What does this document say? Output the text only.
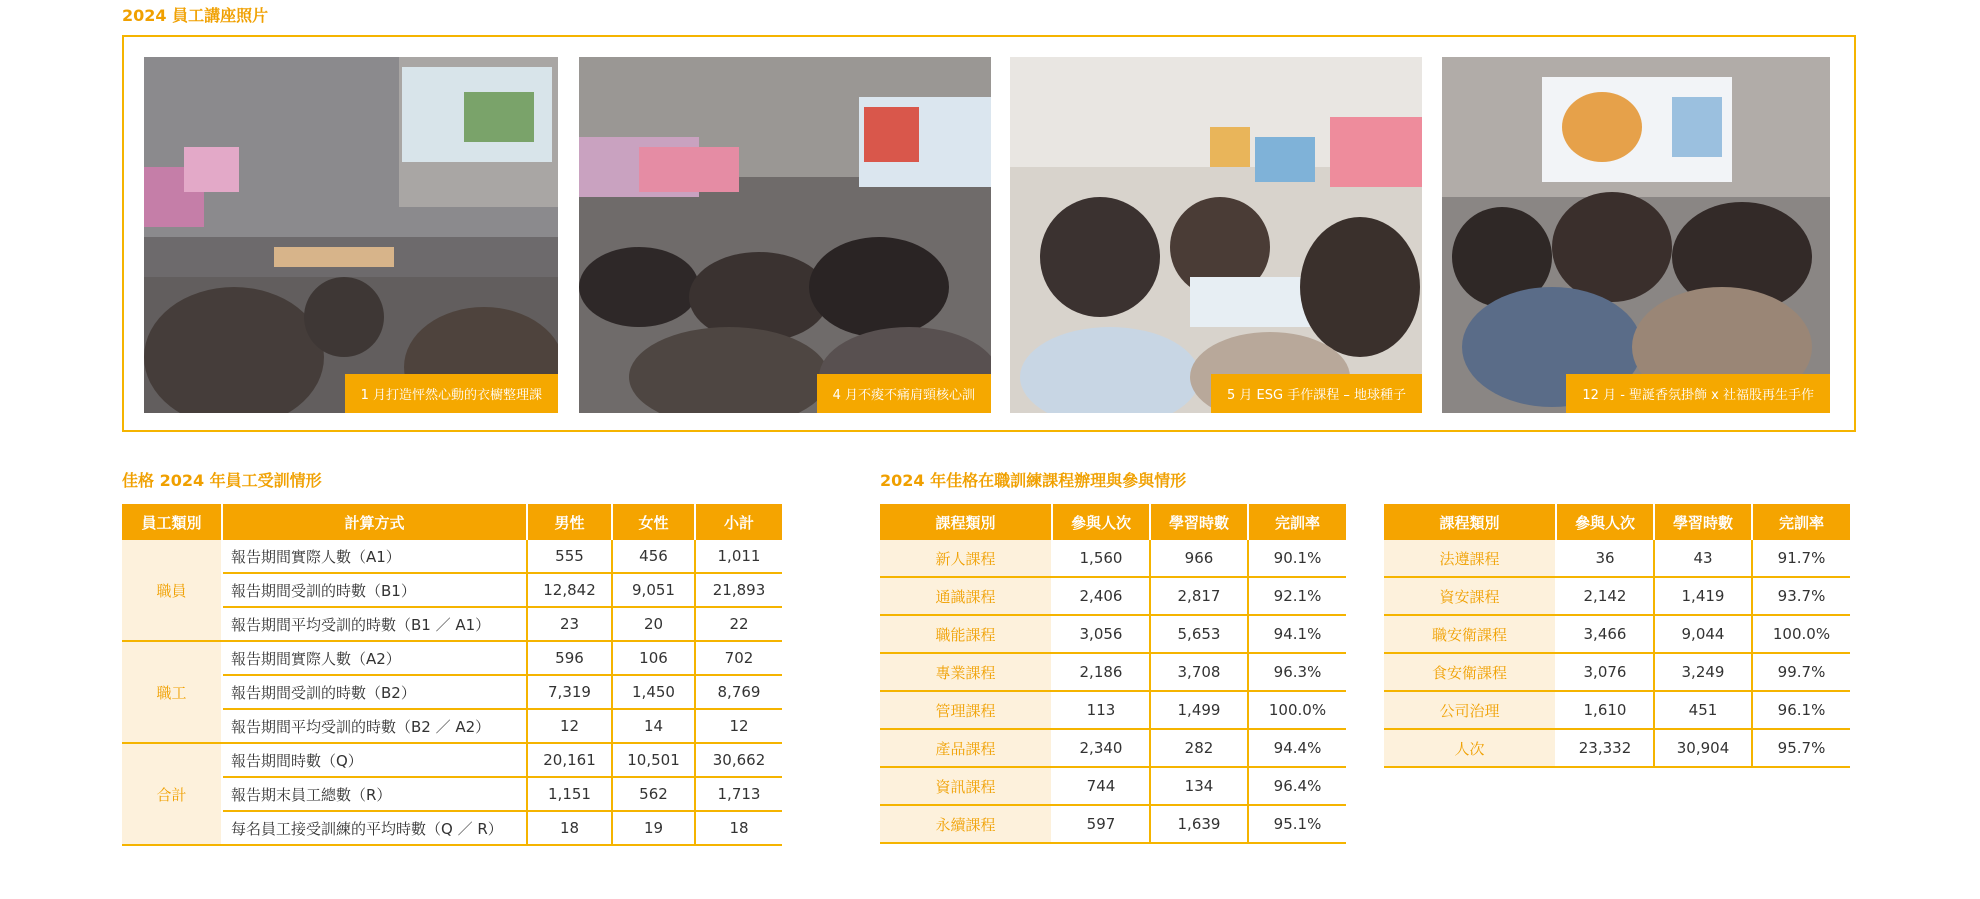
2024 員工講座照片
1 月打造怦然心動的衣櫥整理課	4 月不痠不痛肩頸核心訓	5 月 ESG 手作課程 – 地球種子	12 月 - 聖誕香氛掛飾 x 社福股再生手作
佳格 2024 年員工受訓情形
員工類別	計算方式	男性	女性	小計
職員	報告期間實際人數（A1）	555	456	1,011
	報告期間受訓的時數（B1）	12,842	9,051	21,893
	報告期間平均受訓的時數（B1 ／ A1）	23	20	22
職工	報告期間實際人數（A2）	596	106	702
	報告期間受訓的時數（B2）	7,319	1,450	8,769
	報告期間平均受訓的時數（B2 ／ A2）	12	14	12
合計	報告期間時數（Q）	20,161	10,501	30,662
	報告期末員工總數（R）	1,151	562	1,713
	每名員工接受訓練的平均時數（Q ／ R）	18	19	18
2024 年佳格在職訓練課程辦理與參與情形
課程類別	參與人次	學習時數	完訓率
新人課程	1,560	966	90.1%
通識課程	2,406	2,817	92.1%
職能課程	3,056	5,653	94.1%
專業課程	2,186	3,708	96.3%
管理課程	113	1,499	100.0%
產品課程	2,340	282	94.4%
資訊課程	744	134	96.4%
永續課程	597	1,639	95.1%
課程類別	參與人次	學習時數	完訓率
法遵課程	36	43	91.7%
資安課程	2,142	1,419	93.7%
職安衛課程	3,466	9,044	100.0%
食安衛課程	3,076	3,249	99.7%
公司治理	1,610	451	96.1%
人次	23,332	30,904	95.7%
